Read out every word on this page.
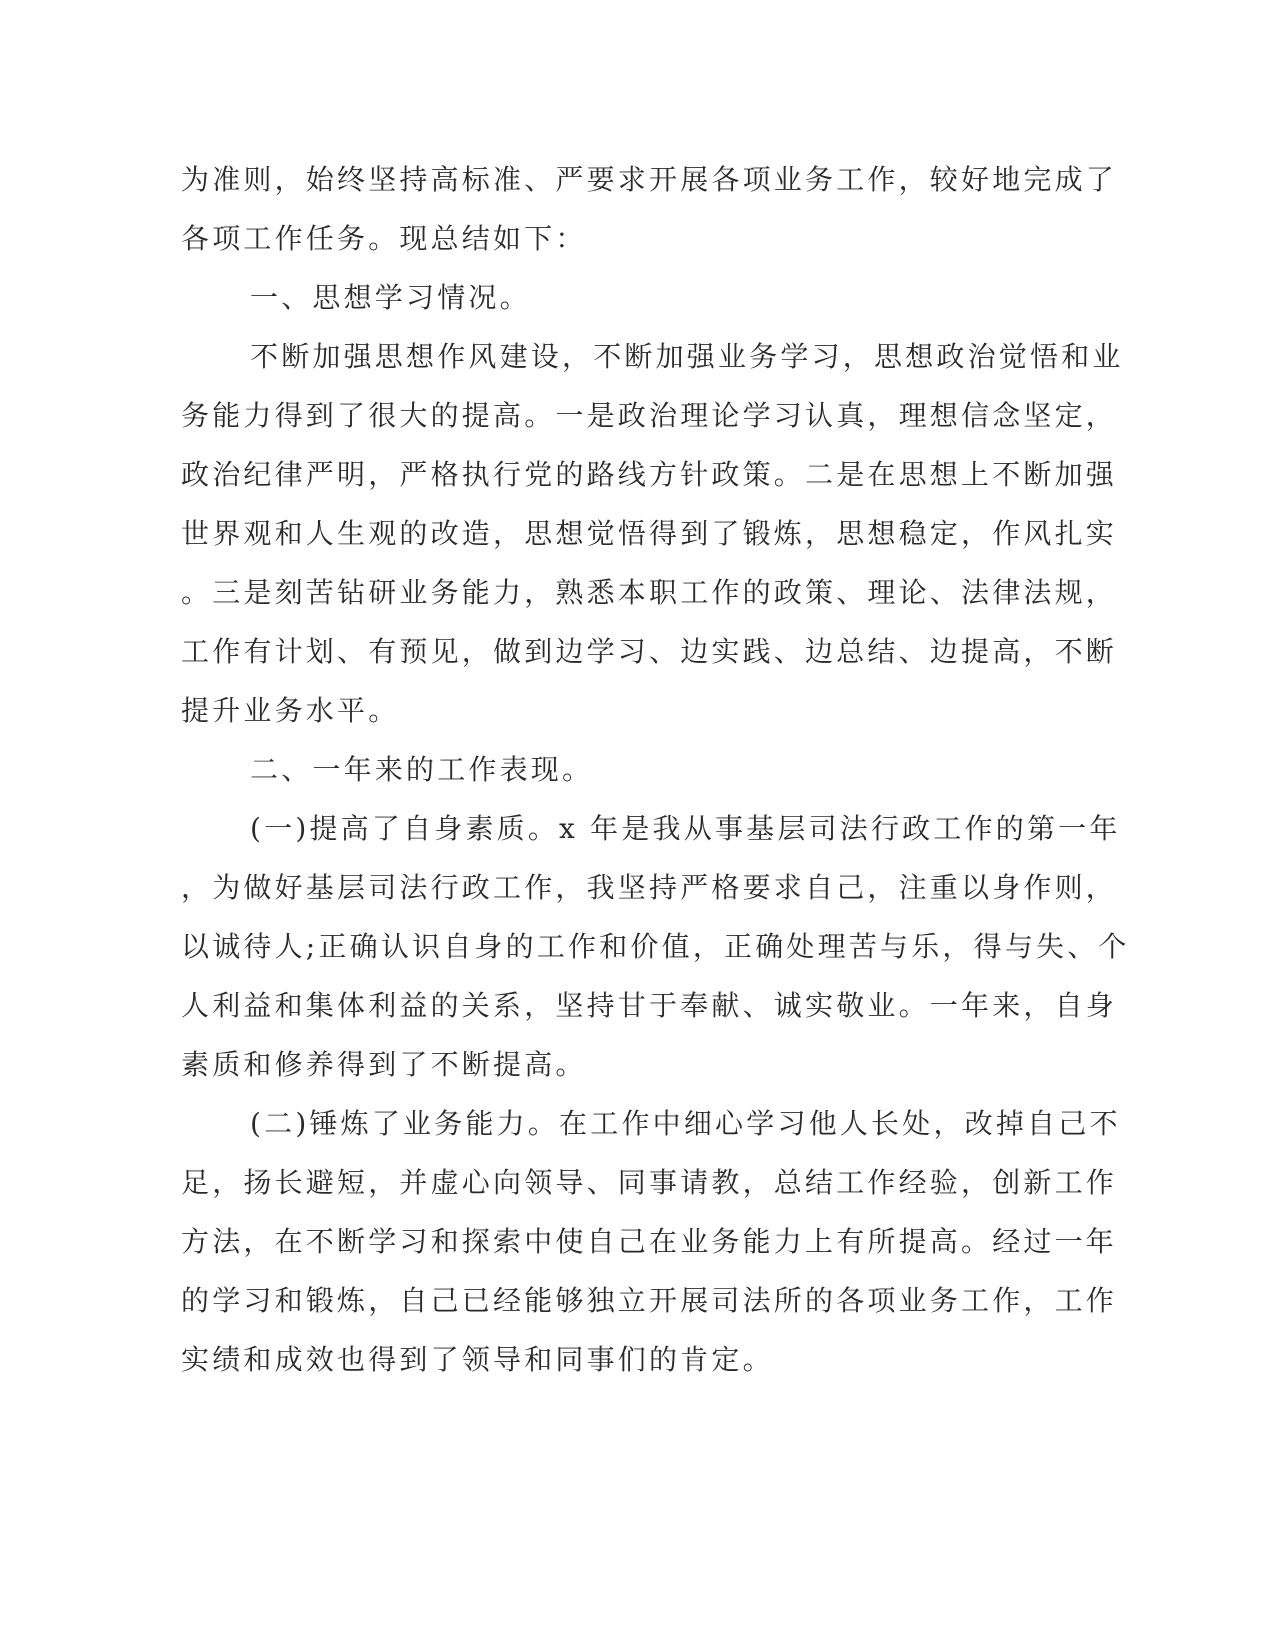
为准则，始终坚持高标准、严要求开展各项业务工作，较好地完成了
各项工作任务。现总结如下：
一、思想学习情况。
不断加强思想作风建设，不断加强业务学习，思想政治觉悟和业
务能力得到了很大的提高。一是政治理论学习认真，理想信念坚定，
政治纪律严明，严格执行党的路线方针政策。二是在思想上不断加强
世界观和人生观的改造，思想觉悟得到了锻炼，思想稳定，作风扎实
。三是刻苦钻研业务能力，熟悉本职工作的政策、理论、法律法规，
工作有计划、有预见，做到边学习、边实践、边总结、边提高，不断
提升业务水平。
二、一年来的工作表现。
(一)提高了自身素质。x 年是我从事基层司法行政工作的第一年
，为做好基层司法行政工作，我坚持严格要求自己，注重以身作则，
以诚待人;正确认识自身的工作和价值，正确处理苦与乐，得与失、个
人利益和集体利益的关系，坚持甘于奉献、诚实敬业。一年来，自身
素质和修养得到了不断提高。
(二)锤炼了业务能力。在工作中细心学习他人长处，改掉自己不
足，扬长避短，并虚心向领导、同事请教，总结工作经验，创新工作
方法，在不断学习和探索中使自己在业务能力上有所提高。经过一年
的学习和锻炼，自己已经能够独立开展司法所的各项业务工作，工作
实绩和成效也得到了领导和同事们的肯定。
